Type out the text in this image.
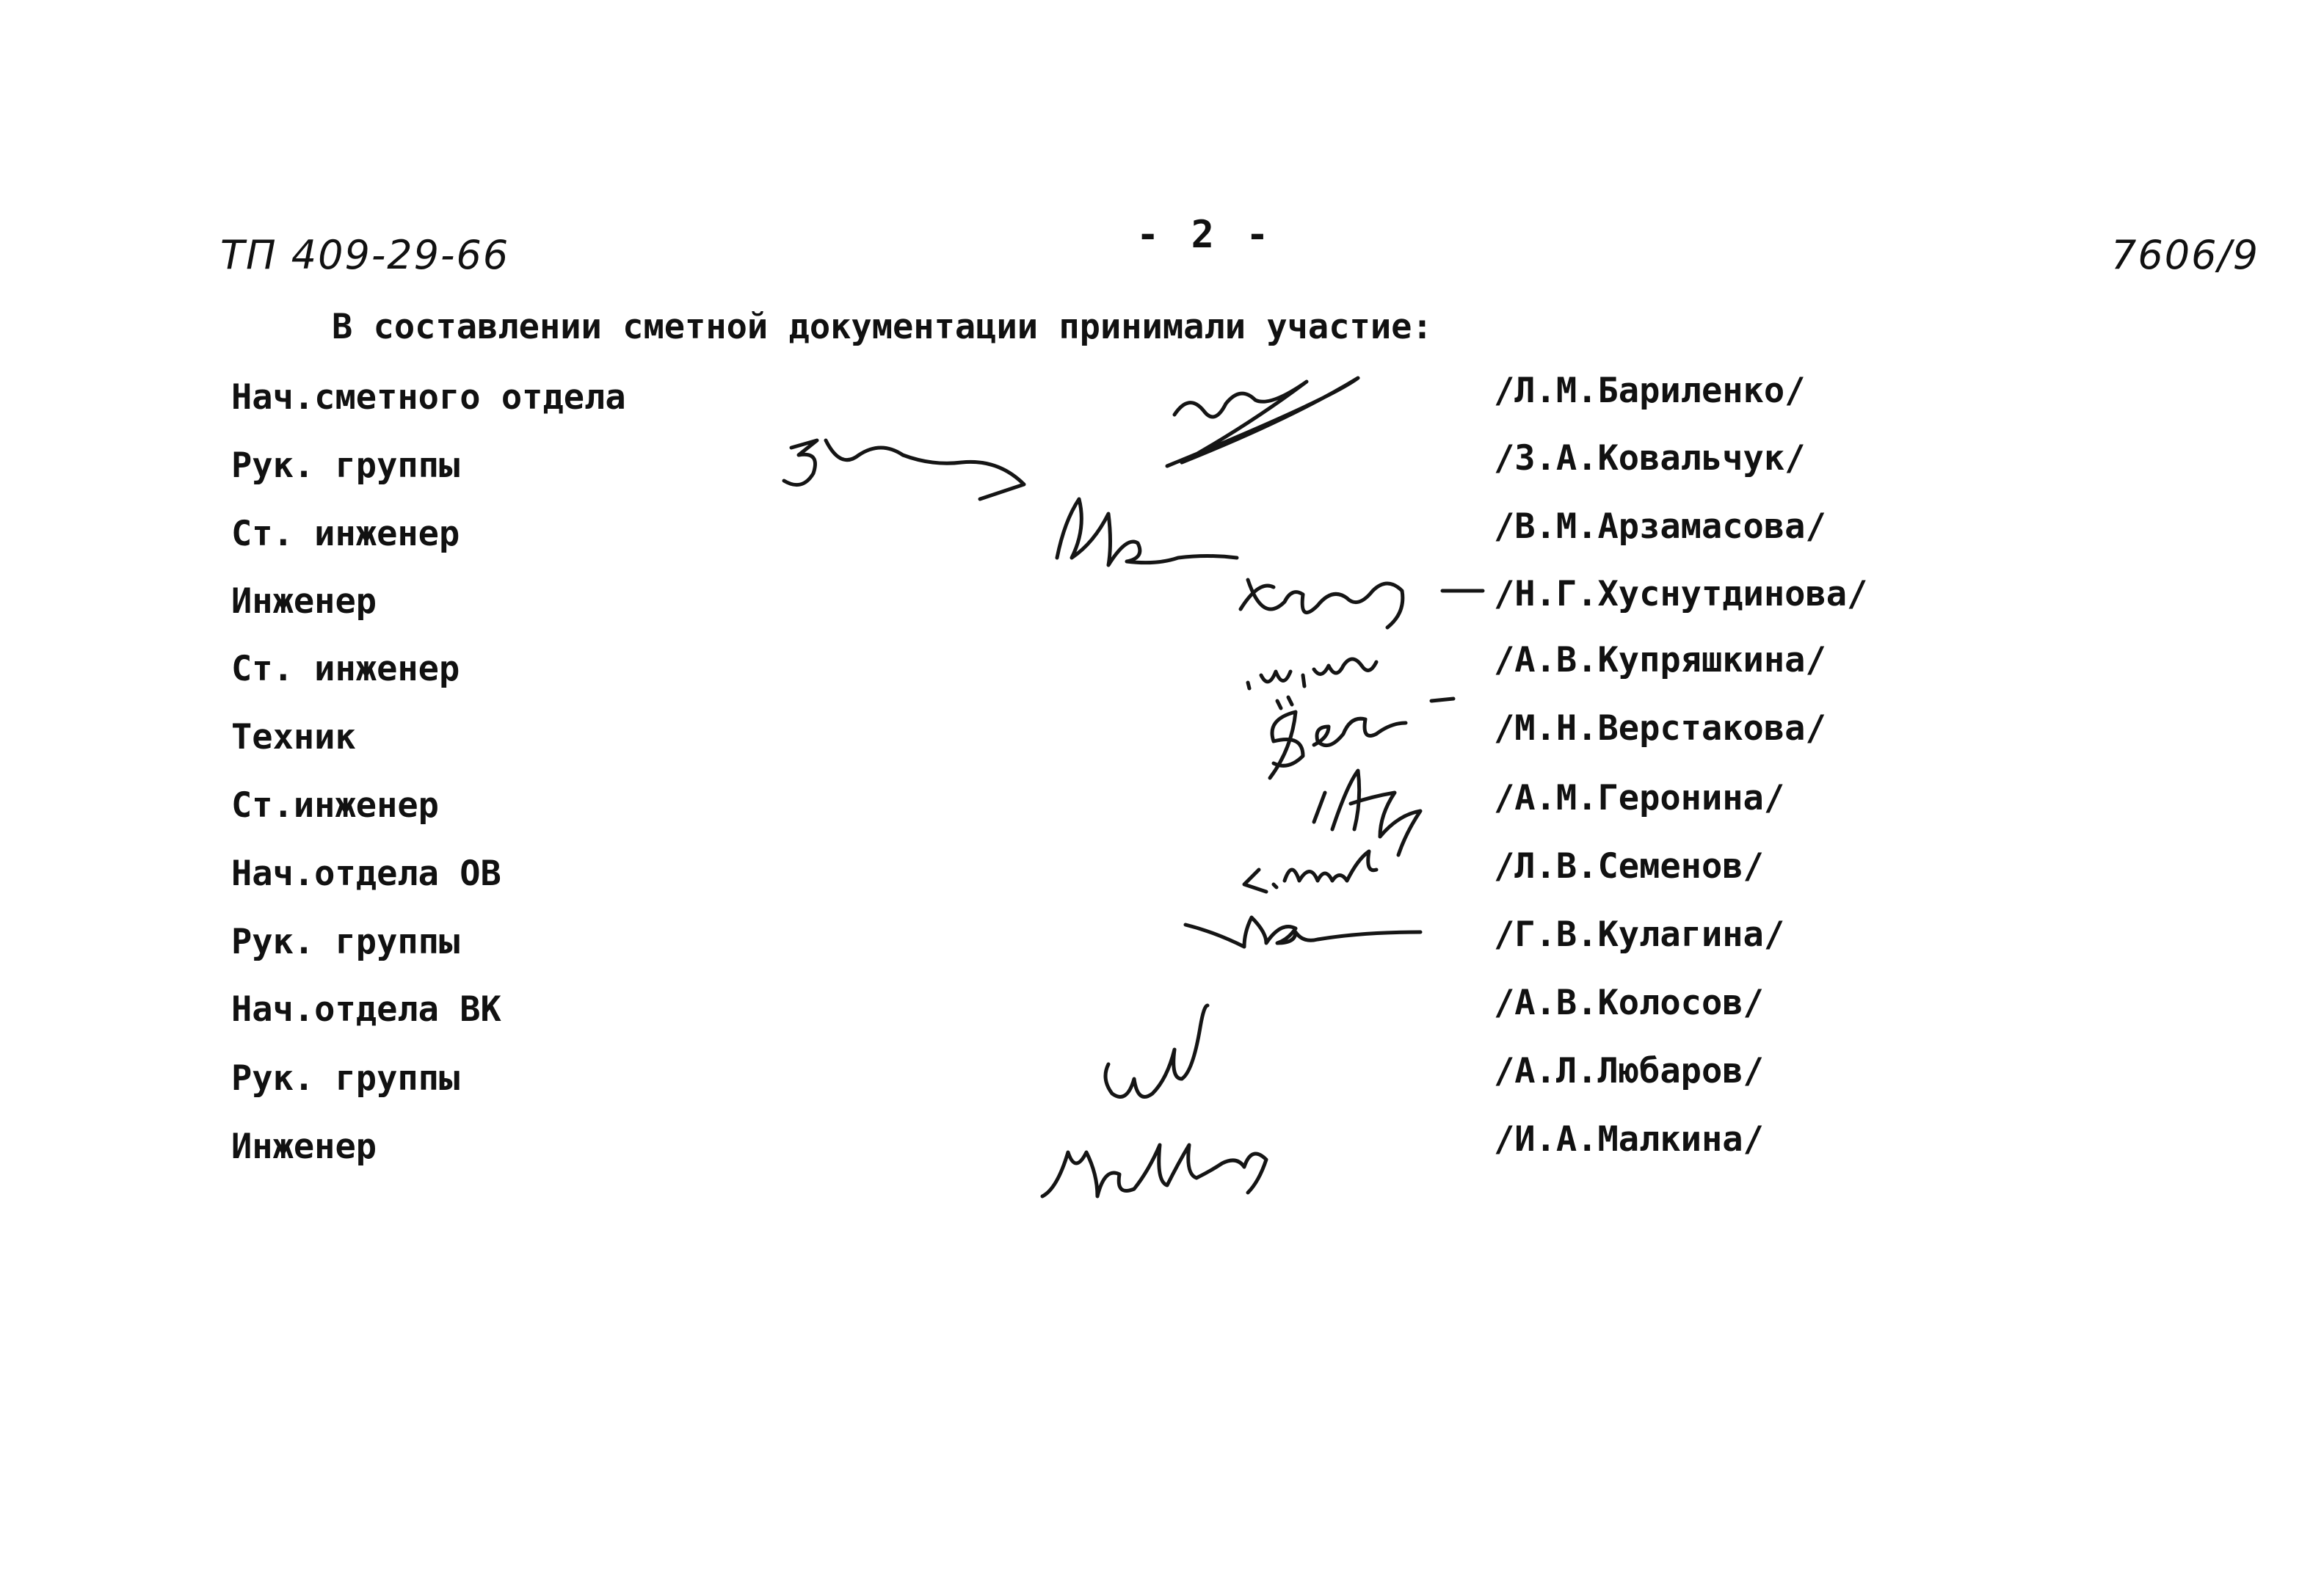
ТП 409-29-66	- 2 -	7606/9
В составлении сметной документации принимали участие:
Нач.сметного отдела
Рук. группы
Ст. инженер
Инженер
Ст. инженер
Техник
Ст.инженер
Нач.отдела ОВ
Рук. группы
Нач.отдела ВК
Рук. группы
Инженер
/Л.М.Бариленко/
/З.А.Ковальчук/
/В.М.Арзамасова/
/Н.Г.Хуснутдинова/
/А.В.Купряшкина/
/М.Н.Верстакова/
/А.М.Геронина/
/Л.В.Семенов/
/Г.В.Кулагина/
/А.В.Колосов/
/А.Л.Любаров/
/И.А.Малкина/
